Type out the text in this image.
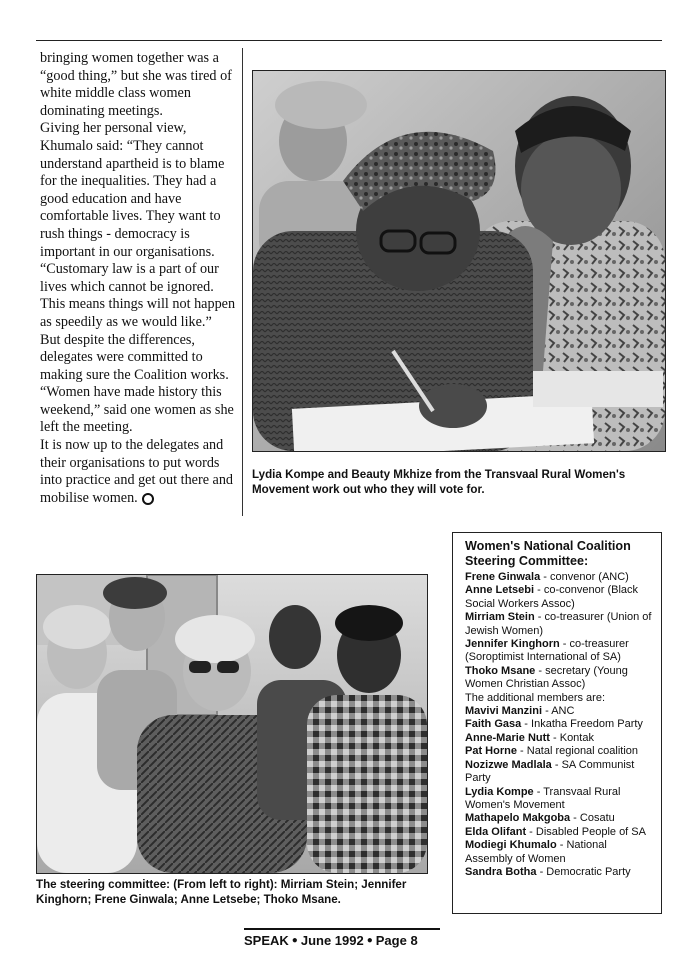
bringing women together was a “good thing,” but she was tired of white middle class women dominating meetings.

Giving her personal view, Khumalo said: “They cannot understand apartheid is to blame for the inequalities. They had a good education and have comfortable lives. They want to rush things - democracy is important in our organisations. “Customary law is a part of our lives which cannot be ignored. This means things will not happen as speedily as we would like.”

But despite the differences, delegates were committed to making sure the Coalition works.

“Women have made history this weekend,” said one women as she left the meeting.

It is now up to the delegates and their organisations to put words into practice and get out there and mobilise women.

Lydia Kompe and Beauty Mkhize from the Transvaal Rural Women's Movement work out who they will vote for.
Women's National Coalition Steering Committee:

Frene Ginwala - convenor (ANC)

Anne Letsebi - co-convenor (Black Social Workers Assoc)

Mirriam Stein - co-treasurer (Union of Jewish Women)

Jennifer Kinghorn - co-treasurer (Soroptimist International of SA)

Thoko Msane - secretary (Young Women Christian Assoc)

The additional members are:

Mavivi Manzini - ANC

Faith Gasa - Inkatha Freedom Party

Anne-Marie Nutt - Kontak

Pat Horne - Natal regional coalition

Nozizwe Madlala - SA Communist Party

Lydia Kompe - Transvaal Rural Women's Movement

Mathapelo Makgoba - Cosatu

Elda Olifant - Disabled People of SA

Modiegi Khumalo - National Assembly of Women

Sandra Botha - Democratic Party

The steering committee: (From left to right): Mirriam Stein; Jennifer Kinghorn; Frene Ginwala; Anne Letsebe; Thoko Msane.
SPEAK ● June 1992 ● Page 8
